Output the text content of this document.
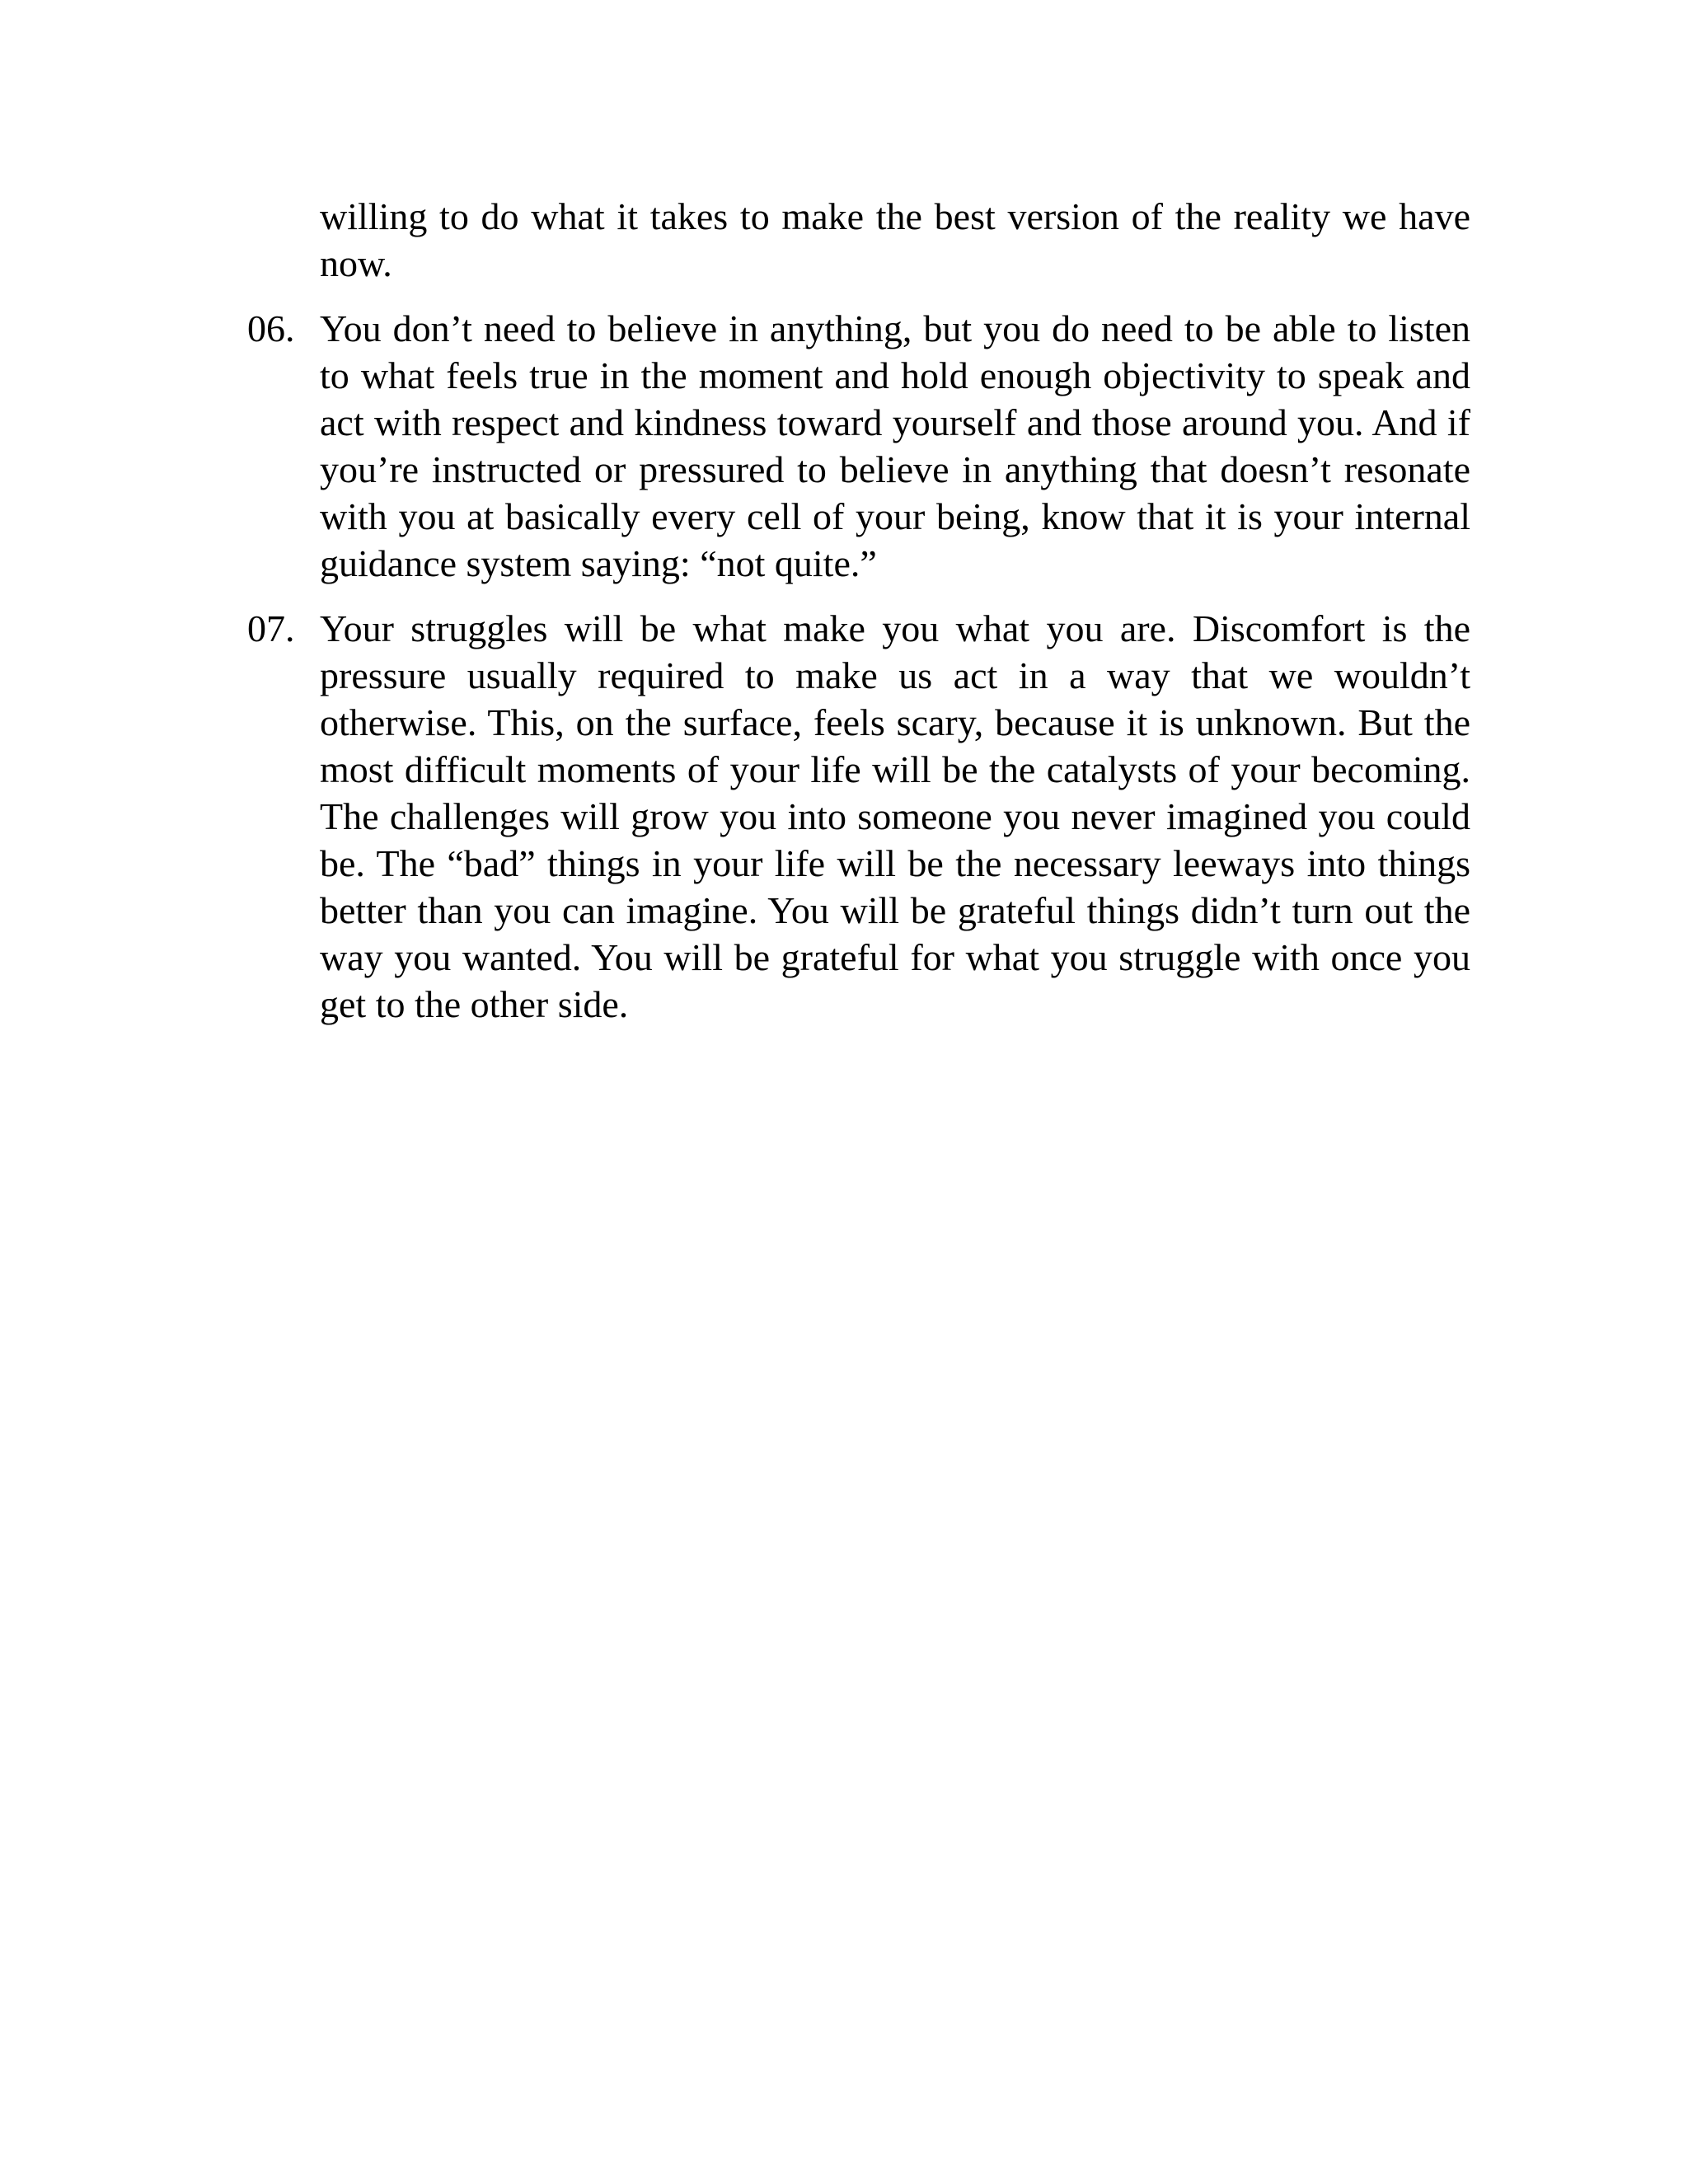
willing to do what it takes to make the best version of the reality we have now.

06. You don’t need to believe in anything, but you do need to be able to listen to what feels true in the moment and hold enough objectivity to speak and act with respect and kindness toward yourself and those around you. And if you’re instructed or pressured to believe in anything that doesn’t resonate with you at basically every cell of your being, know that it is your internal guidance system saying: “not quite.”

07. Your struggles will be what make you what you are. Discomfort is the pressure usually required to make us act in a way that we wouldn’t otherwise. This, on the surface, feels scary, because it is unknown. But the most difficult moments of your life will be the catalysts of your becoming. The challenges will grow you into someone you never imagined you could be. The “bad” things in your life will be the necessary leeways into things better than you can imagine. You will be grateful things didn’t turn out the way you wanted. You will be grateful for what you struggle with once you get to the other side.
